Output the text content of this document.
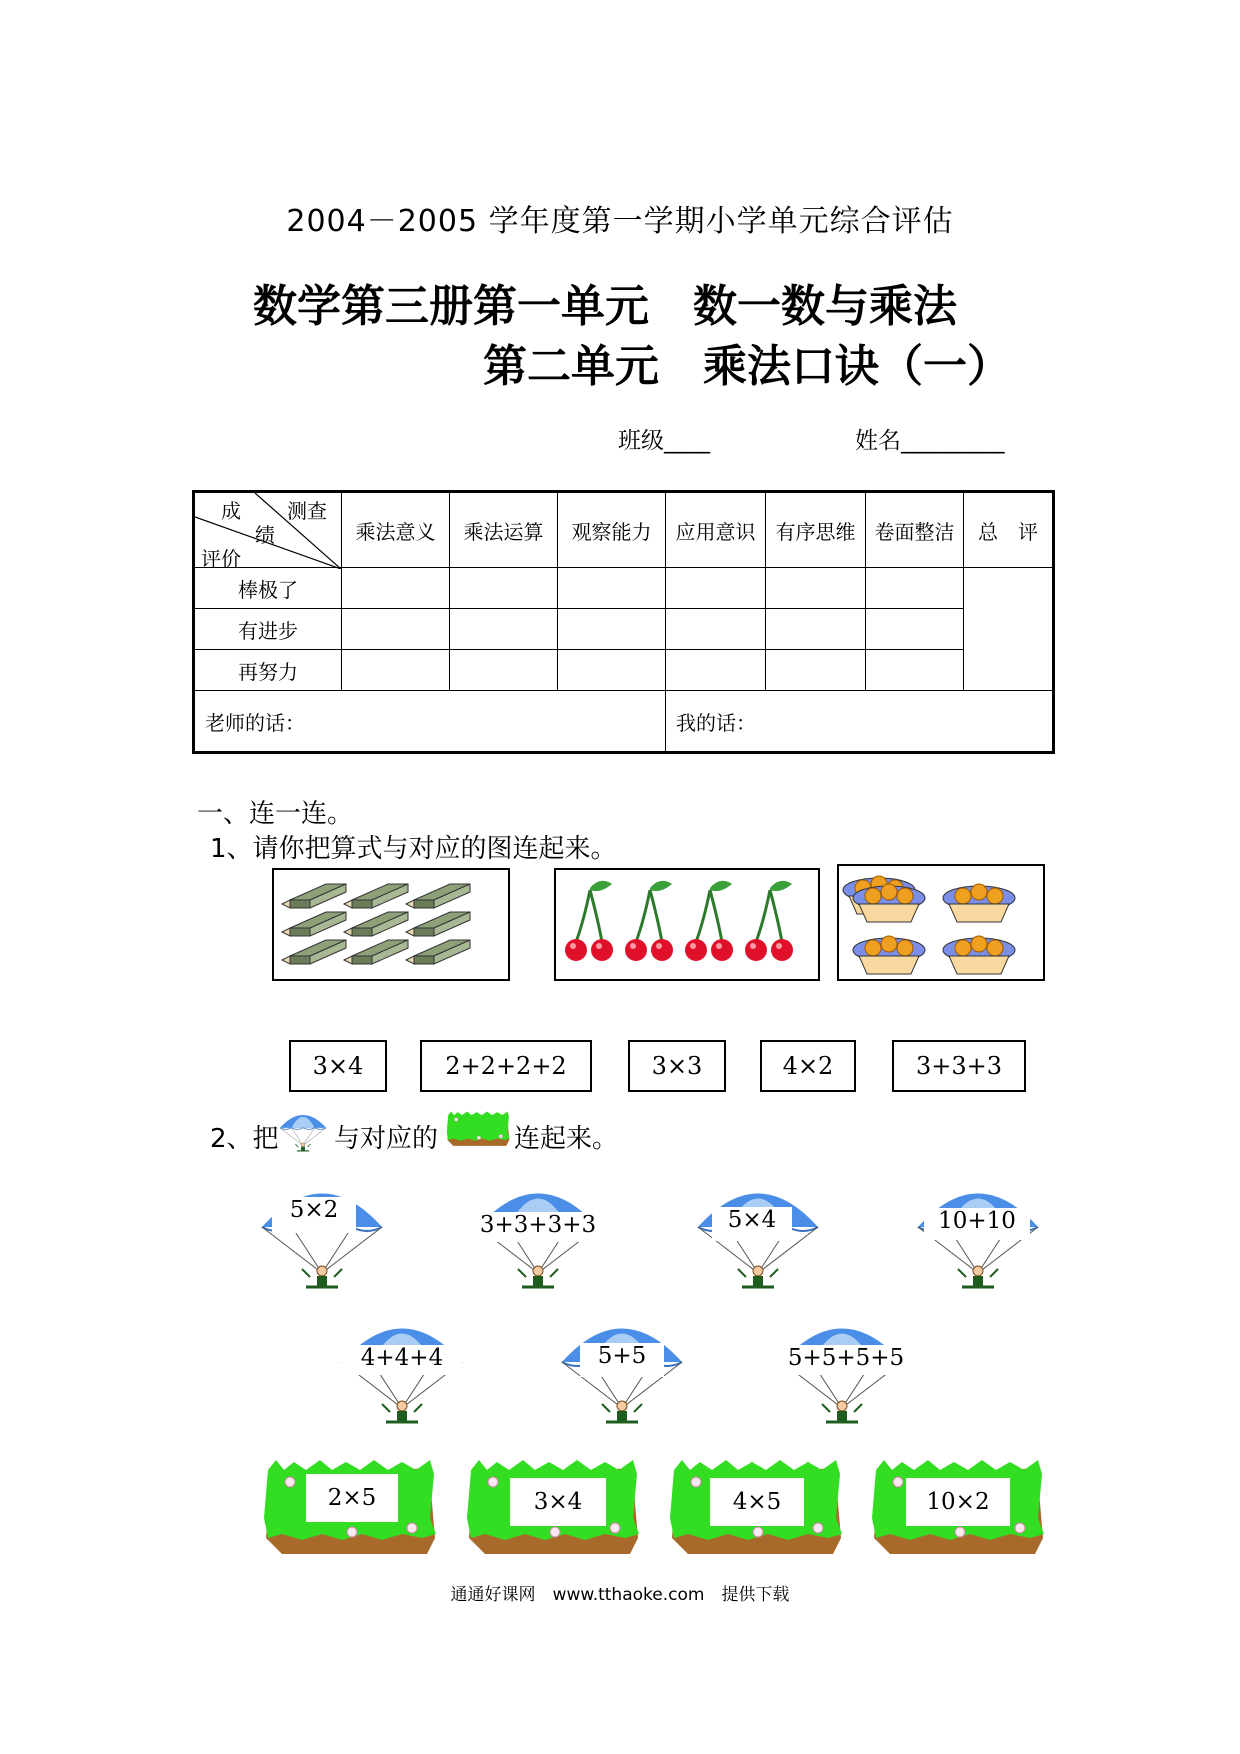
2004－2005 学年度第一学期小学单元综合评估
数学第三册第一单元　数一数与乘法
第二单元　乘法口诀（一）
班级____	姓名_________
成 测查
绩
评价	乘法意义	乘法运算	观察能力	应用意识	有序思维	卷面整洁	总　评
棒极了							
有进步							
再努力							
老师的话：				我的话：			
一、连一连。
1、请你把算式与对应的图连起来。
3×4	2+2+2+2	3×3	4×2	3+3+3
2、把 与对应的	连起来。
5×2
3+3+3+3	5×4	10+10
4+4+4	5+5	5+5+5+5
2×5	3×4	4×5	10×2
通通好课网　www.tthaoke.com　提供下载
